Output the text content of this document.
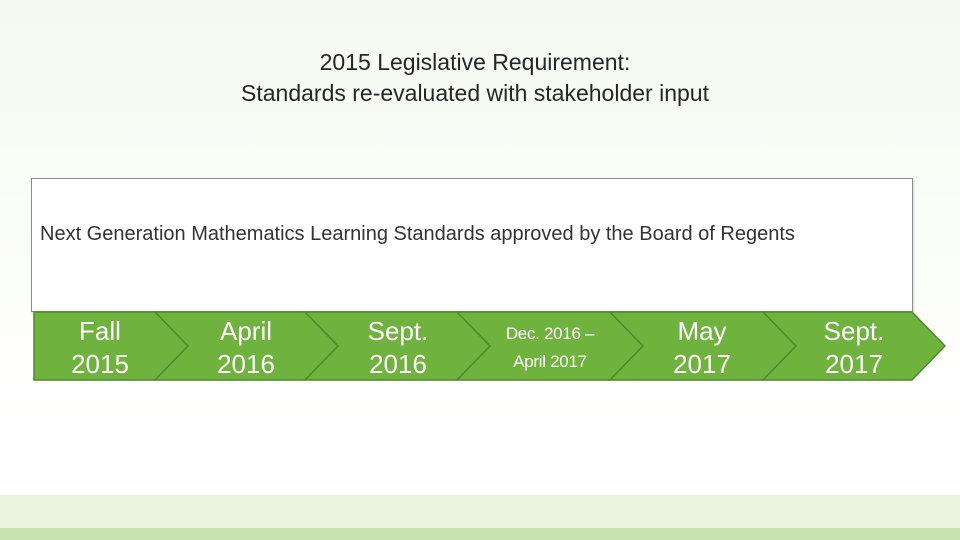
2015 Legislative Requirement:
Standards re-evaluated with stakeholder input
Next Generation Mathematics Learning Standards approved by the Board of Regents
Fall
2015
April
2016
Sept.
2016
Dec. 2016 –
April 2017
May
2017
Sept.
2017
